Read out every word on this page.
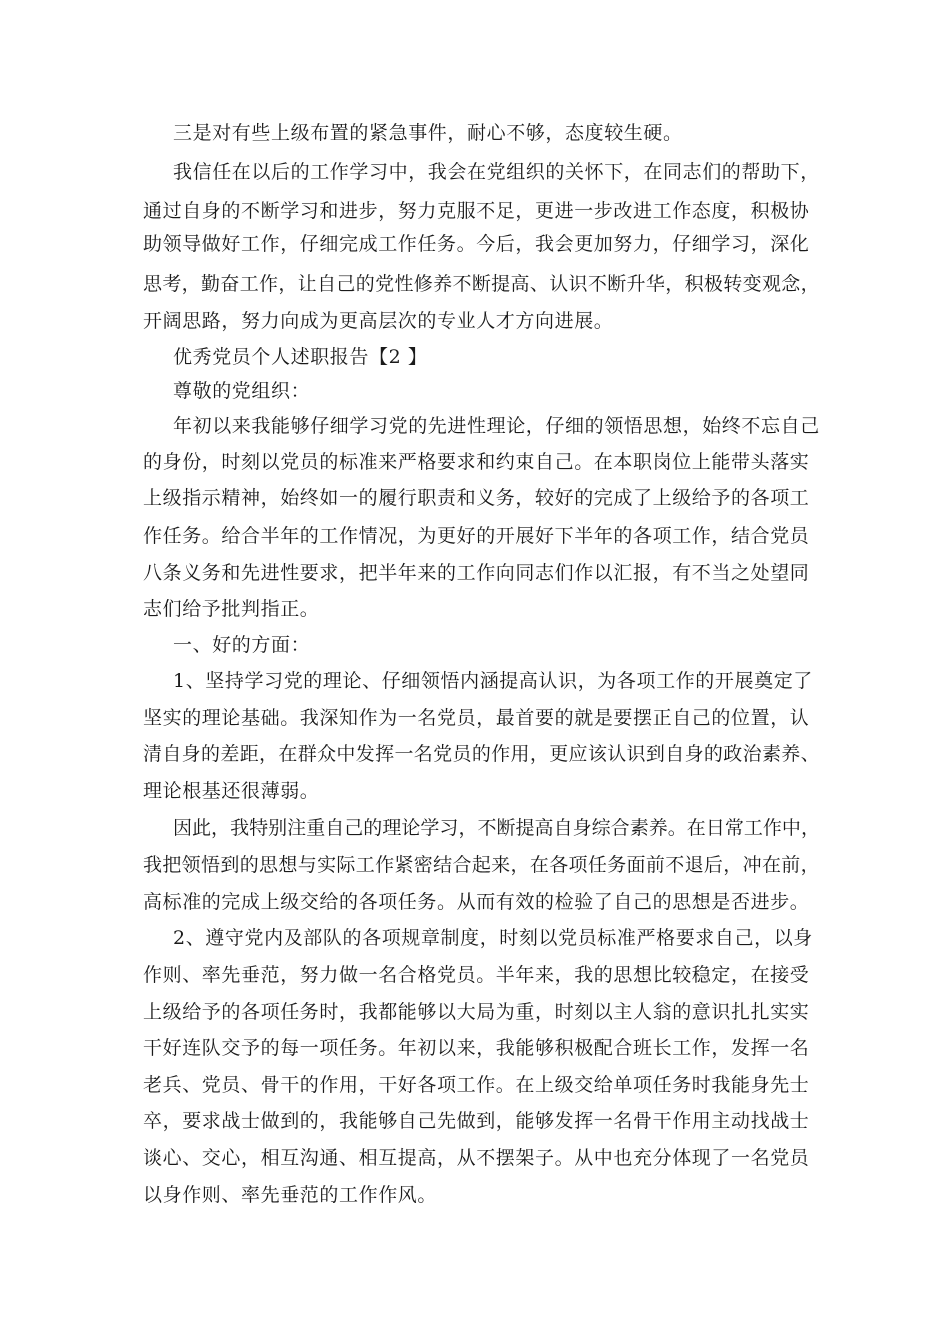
三是对有些上级布置的紧急事件，耐心不够，态度较生硬。
我信任在以后的工作学习中，我会在党组织的关怀下，在同志们的帮助下，
通过自身的不断学习和进步，努力克服不足，更进一步改进工作态度，积极协
助领导做好工作，仔细完成工作任务。今后，我会更加努力，仔细学习，深化
思考，勤奋工作，让自己的党性修养不断提高、认识不断升华，积极转变观念，
开阔思路，努力向成为更高层次的专业人才方向进展。
优秀党员个人述职报告【2 】
尊敬的党组织：
年初以来我能够仔细学习党的先进性理论，仔细的领悟思想，始终不忘自己
的身份，时刻以党员的标准来严格要求和约束自己。在本职岗位上能带头落实
上级指示精神，始终如一的履行职责和义务，较好的完成了上级给予的各项工
作任务。给合半年的工作情况，为更好的开展好下半年的各项工作，结合党员
八条义务和先进性要求，把半年来的工作向同志们作以汇报，有不当之处望同
志们给予批判指正。
一、好的方面：
1、坚持学习党的理论、仔细领悟内涵提高认识，为各项工作的开展奠定了
坚实的理论基础。我深知作为一名党员，最首要的就是要摆正自己的位置，认
清自身的差距，在群众中发挥一名党员的作用，更应该认识到自身的政治素养、
理论根基还很薄弱。
因此，我特别注重自己的理论学习，不断提高自身综合素养。在日常工作中，
我把领悟到的思想与实际工作紧密结合起来，在各项任务面前不退后，冲在前，
高标准的完成上级交给的各项任务。从而有效的检验了自己的思想是否进步。
2、遵守党内及部队的各项规章制度，时刻以党员标准严格要求自己，以身
作则、率先垂范，努力做一名合格党员。半年来，我的思想比较稳定，在接受
上级给予的各项任务时，我都能够以大局为重，时刻以主人翁的意识扎扎实实
干好连队交予的每一项任务。年初以来，我能够积极配合班长工作，发挥一名
老兵、党员、骨干的作用，干好各项工作。在上级交给单项任务时我能身先士
卒，要求战士做到的，我能够自己先做到，能够发挥一名骨干作用主动找战士
谈心、交心，相互沟通、相互提高，从不摆架子。从中也充分体现了一名党员
以身作则、率先垂范的工作作风。
